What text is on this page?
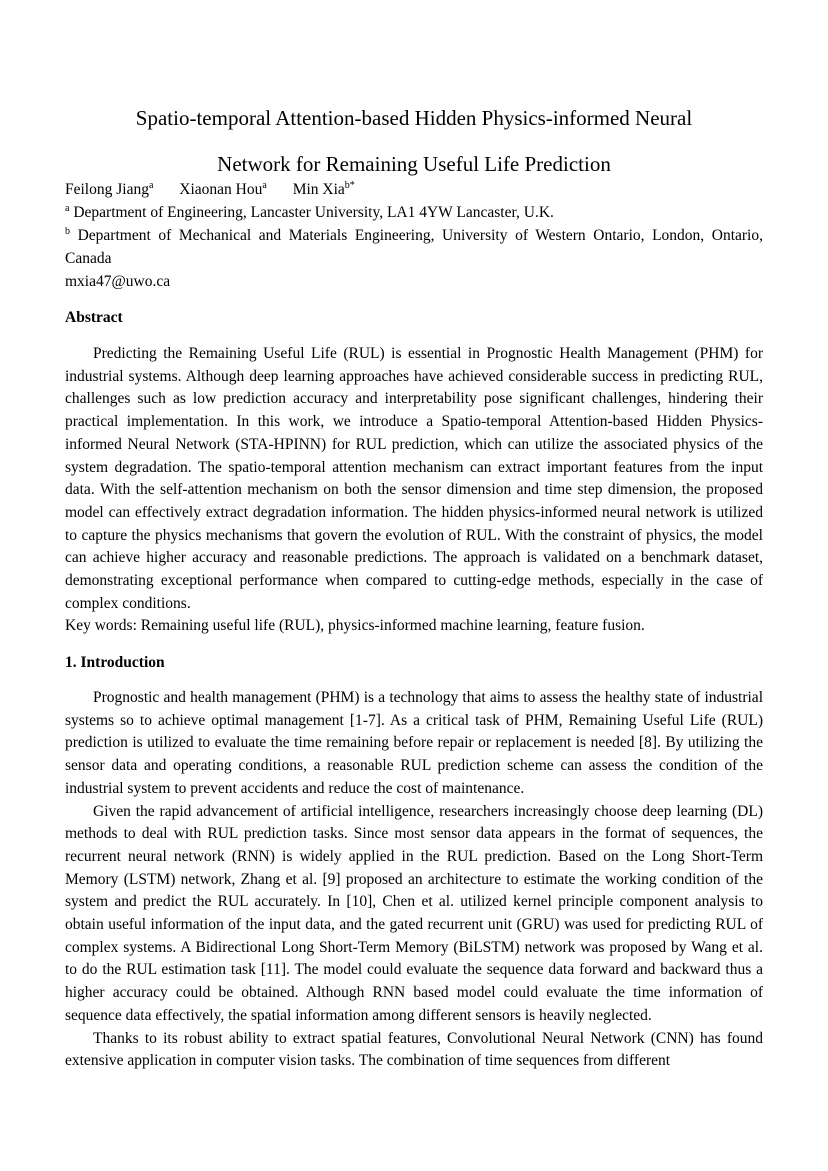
Spatio-temporal Attention-based Hidden Physics-informed Neural
Network for Remaining Useful Life Prediction
Feilong Jiang$^a$ Xiaonan Hou$^a$ Min Xia$^{b*}$

$^a$ Department of Engineering, Lancaster University, LA1 4YW Lancaster, U.K.

$^b$ Department of Mechanical and Materials Engineering, University of Western Ontario, London, Ontario, Canada

mxia47@uwo.ca

Abstract

Predicting the Remaining Useful Life (RUL) is essential in Prognostic Health Management (PHM) for industrial systems. Although deep learning approaches have achieved considerable success in predicting RUL, challenges such as low prediction accuracy and interpretability pose significant challenges, hindering their practical implementation. In this work, we introduce a Spatio-temporal Attention-based Hidden Physics-informed Neural Network (STA-HPINN) for RUL prediction, which can utilize the associated physics of the system degradation. The spatio-temporal attention mechanism can extract important features from the input data. With the self-attention mechanism on both the sensor dimension and time step dimension, the proposed model can effectively extract degradation information. The hidden physics-informed neural network is utilized to capture the physics mechanisms that govern the evolution of RUL. With the constraint of physics, the model can achieve higher accuracy and reasonable predictions. The approach is validated on a benchmark dataset, demonstrating exceptional performance when compared to cutting-edge methods, especially in the case of complex conditions.

Key words: Remaining useful life (RUL), physics-informed machine learning, feature fusion.

1. Introduction

Prognostic and health management (PHM) is a technology that aims to assess the healthy state of industrial systems so to achieve optimal management [1-7]. As a critical task of PHM, Remaining Useful Life (RUL) prediction is utilized to evaluate the time remaining before repair or replacement is needed [8]. By utilizing the sensor data and operating conditions, a reasonable RUL prediction scheme can assess the condition of the industrial system to prevent accidents and reduce the cost of maintenance.

Given the rapid advancement of artificial intelligence, researchers increasingly choose deep learning (DL) methods to deal with RUL prediction tasks. Since most sensor data appears in the format of sequences, the recurrent neural network (RNN) is widely applied in the RUL prediction. Based on the Long Short-Term Memory (LSTM) network, Zhang et al. [9] proposed an architecture to estimate the working condition of the system and predict the RUL accurately. In [10], Chen et al. utilized kernel principle component analysis to obtain useful information of the input data, and the gated recurrent unit (GRU) was used for predicting RUL of complex systems. A Bidirectional Long Short-Term Memory (BiLSTM) network was proposed by Wang et al. to do the RUL estimation task [11]. The model could evaluate the sequence data forward and backward thus a higher accuracy could be obtained. Although RNN based model could evaluate the time information of sequence data effectively, the spatial information among different sensors is heavily neglected.

Thanks to its robust ability to extract spatial features, Convolutional Neural Network (CNN) has found extensive application in computer vision tasks. The combination of time sequences from different
